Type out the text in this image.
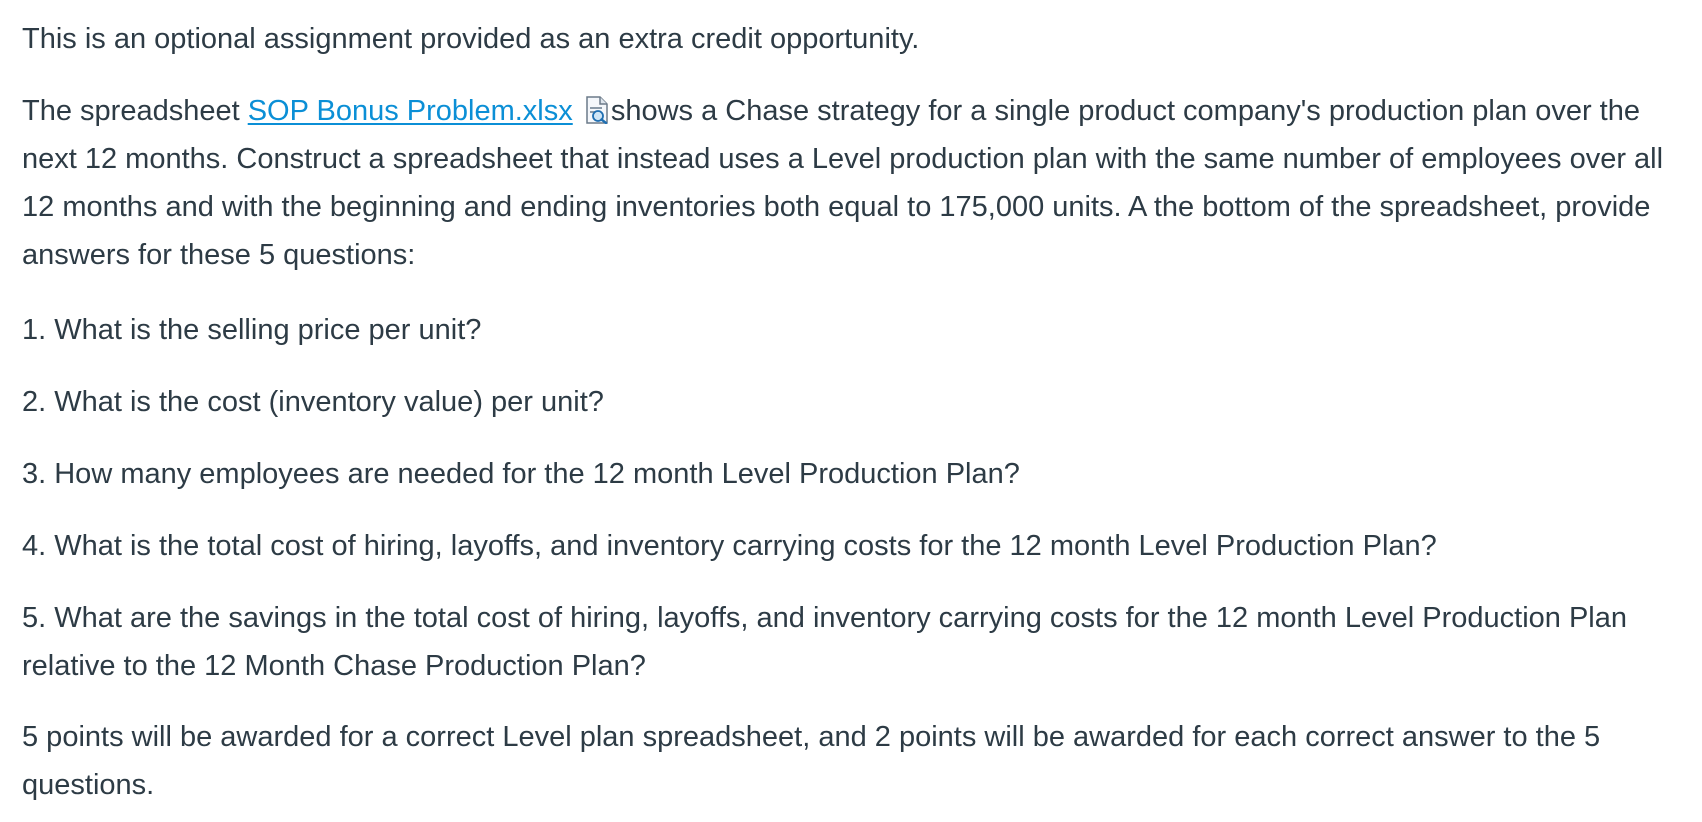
This is an optional assignment provided as an extra credit opportunity.

The spreadsheet SOP Bonus Problem.xlsx shows a Chase strategy for a single product company's production plan over the next 12 months. Construct a spreadsheet that instead uses a Level production plan with the same number of employees over all 12 months and with the beginning and ending inventories both equal to 175,000 units. A the bottom of the spreadsheet, provide answers for these 5 questions:

1. What is the selling price per unit?

2. What is the cost (inventory value) per unit?

3. How many employees are needed for the 12 month Level Production Plan?

4. What is the total cost of hiring, layoffs, and inventory carrying costs for the 12 month Level Production Plan?

5. What are the savings in the total cost of hiring, layoffs, and inventory carrying costs for the 12 month Level Production Plan relative to the 12 Month Chase Production Plan?

5 points will be awarded for a correct Level plan spreadsheet, and 2 points will be awarded for each correct answer to the 5 questions.
